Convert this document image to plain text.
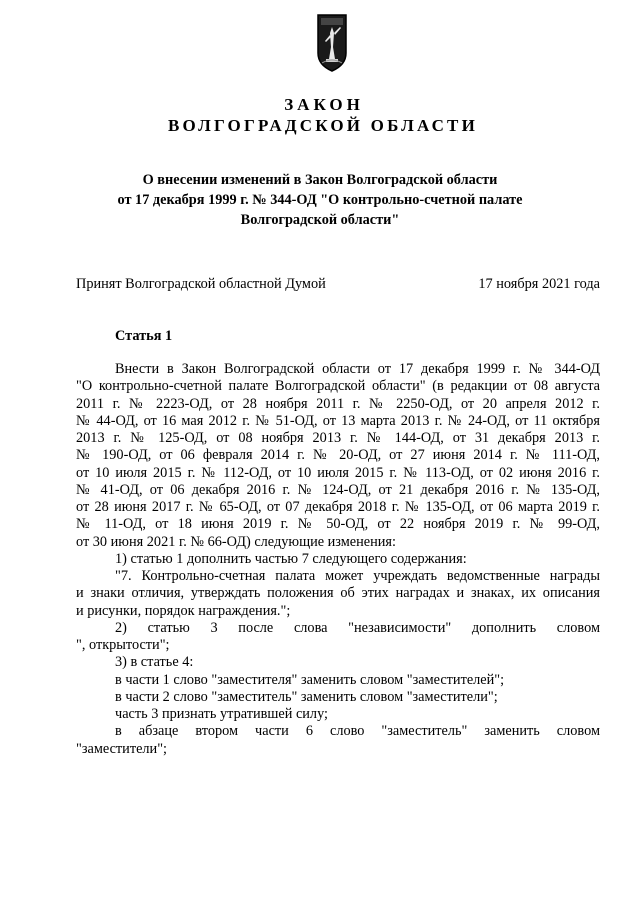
ЗАКОН
ВОЛГОГРАДСКОЙ ОБЛАСТИ
О внесении изменений в Закон Волгоградской области
от 17 декабря 1999 г. № 344-ОД "О контрольно-счетной палате
Волгоградской области"
Принят Волгоградской областной Думой	17 ноября 2021 года
Статья 1
Внести в Закон Волгоградской области от 17 декабря 1999 г. № 344-ОД
"О контрольно-счетной палате Волгоградской области" (в редакции от 08 августа
2011 г. № 2223-ОД, от 28 ноября 2011 г. № 2250-ОД, от 20 апреля 2012 г.
№ 44-ОД, от 16 мая 2012 г. № 51-ОД, от 13 марта 2013 г. № 24-ОД, от 11 октября
2013 г. № 125-ОД, от 08 ноября 2013 г. № 144-ОД, от 31 декабря 2013 г.
№ 190-ОД, от 06 февраля 2014 г. № 20-ОД, от 27 июня 2014 г. № 111-ОД,
от 10 июля 2015 г. № 112-ОД, от 10 июля 2015 г. № 113-ОД, от 02 июня 2016 г.
№ 41-ОД, от 06 декабря 2016 г. № 124-ОД, от 21 декабря 2016 г. № 135-ОД,
от 28 июня 2017 г. № 65-ОД, от 07 декабря 2018 г. № 135-ОД, от 06 марта 2019 г.
№ 11-ОД, от 18 июня 2019 г. № 50-ОД, от 22 ноября 2019 г. № 99-ОД,
от 30 июня 2021 г. № 66-ОД) следующие изменения:
1) статью 1 дополнить частью 7 следующего содержания:
"7. Контрольно-счетная палата может учреждать ведомственные награды
и знаки отличия, утверждать положения об этих наградах и знаках, их описания
и рисунки, порядок награждения.";
2) статью 3 после слова "независимости" дополнить словом
", открытости";
3) в статье 4:
в части 1 слово "заместителя" заменить словом "заместителей";
в части 2 слово "заместитель" заменить словом "заместители";
часть 3 признать утратившей силу;
в абзаце втором части 6 слово "заместитель" заменить словом
"заместители";
